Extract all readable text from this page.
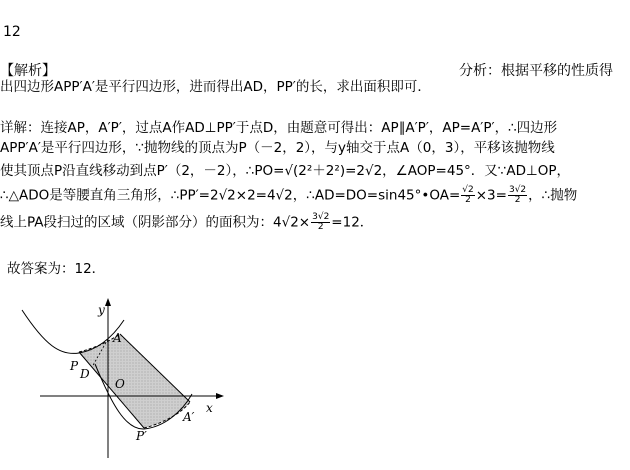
12
【解析】	分析：根据平移的性质得
出四边形APP′A′是平行四边形，进而得出AD，PP′的长，求出面积即可．
详解：连接AP，A′P′，过点A作AD⊥PP′于点D，由题意可得出：AP∥A′P′，AP=A′P′，∴四边形
APP′A′是平行四边形，∵抛物线的顶点为P（－2，2），与y轴交于点A（0，3），平移该抛物线
使其顶点P沿直线移动到点P′（2，－2），∴PO=√(2²＋2²)=2√2，∠AOP=45°．又∵AD⊥OP，
∴△ADO是等腰直角三角形，∴PP′=2√2×2=4√2，∴AD=DO=sin45°•OA= $\frac{√2}{2} \times 3= \frac{3√2}{2}$ ，∴抛物
线上PA段扫过的区域（阴影部分）的面积为：$4√2\times \frac{3√2}{2} =12$．
故答案为：12．
y
x
A
P
D
O
P′
A′
